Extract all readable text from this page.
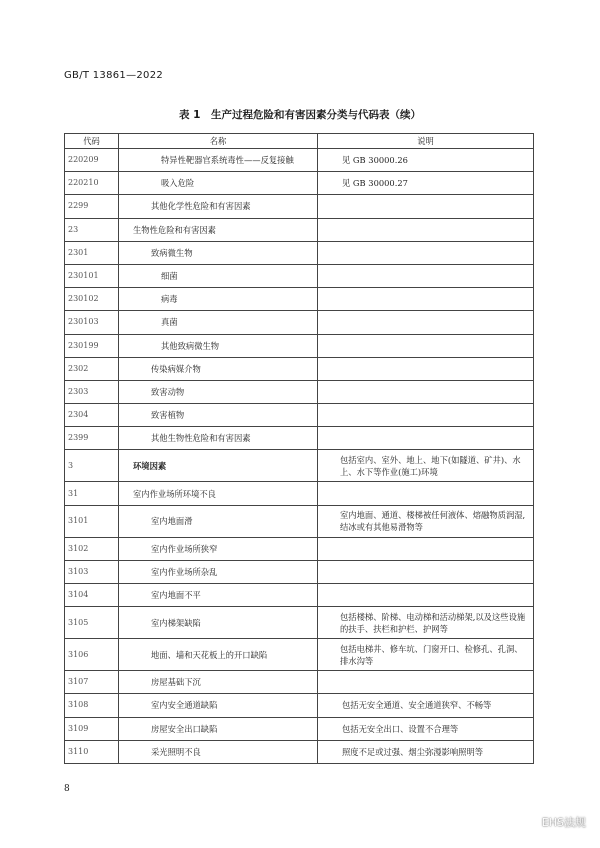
GB/T 13861—2022
表 1　生产过程危险和有害因素分类与代码表（续）
代码	名称	说明
220209	特异性靶器官系统毒性——反复接触	见 GB 30000.26
220210	吸入危险	见 GB 30000.27
2299	其他化学性危险和有害因素	
23	生物性危险和有害因素	
2301	致病微生物	
230101	细菌	
230102	病毒	
230103	真菌	
230199	其他致病微生物	
2302	传染病媒介物	
2303	致害动物	
2304	致害植物	
2399	其他生物性危险和有害因素	
3	环境因素	包括室内、室外、地上、地下(如隧道、矿井)、水上、水下等作业(施工)环境
31	室内作业场所环境不良	
3101	室内地面滑	室内地面、通道、楼梯被任何液体、熔融物质润湿,结冰或有其他易滑物等
3102	室内作业场所狭窄	
3103	室内作业场所杂乱	
3104	室内地面不平	
3105	室内梯架缺陷	包括楼梯、阶梯、电动梯和活动梯架,以及这些设施的扶手、扶栏和护栏、护网等
3106	地面、墙和天花板上的开口缺陷	包括电梯井、修车坑、门窗开口、检修孔、孔洞、排水沟等
3107	房屋基础下沉	
3108	室内安全通道缺陷	包括无安全通道、安全通道狭窄、不畅等
3109	房屋安全出口缺陷	包括无安全出口、设置不合理等
3110	采光照明不良	照度不足或过强、烟尘弥漫影响照明等
8
EHS法规
